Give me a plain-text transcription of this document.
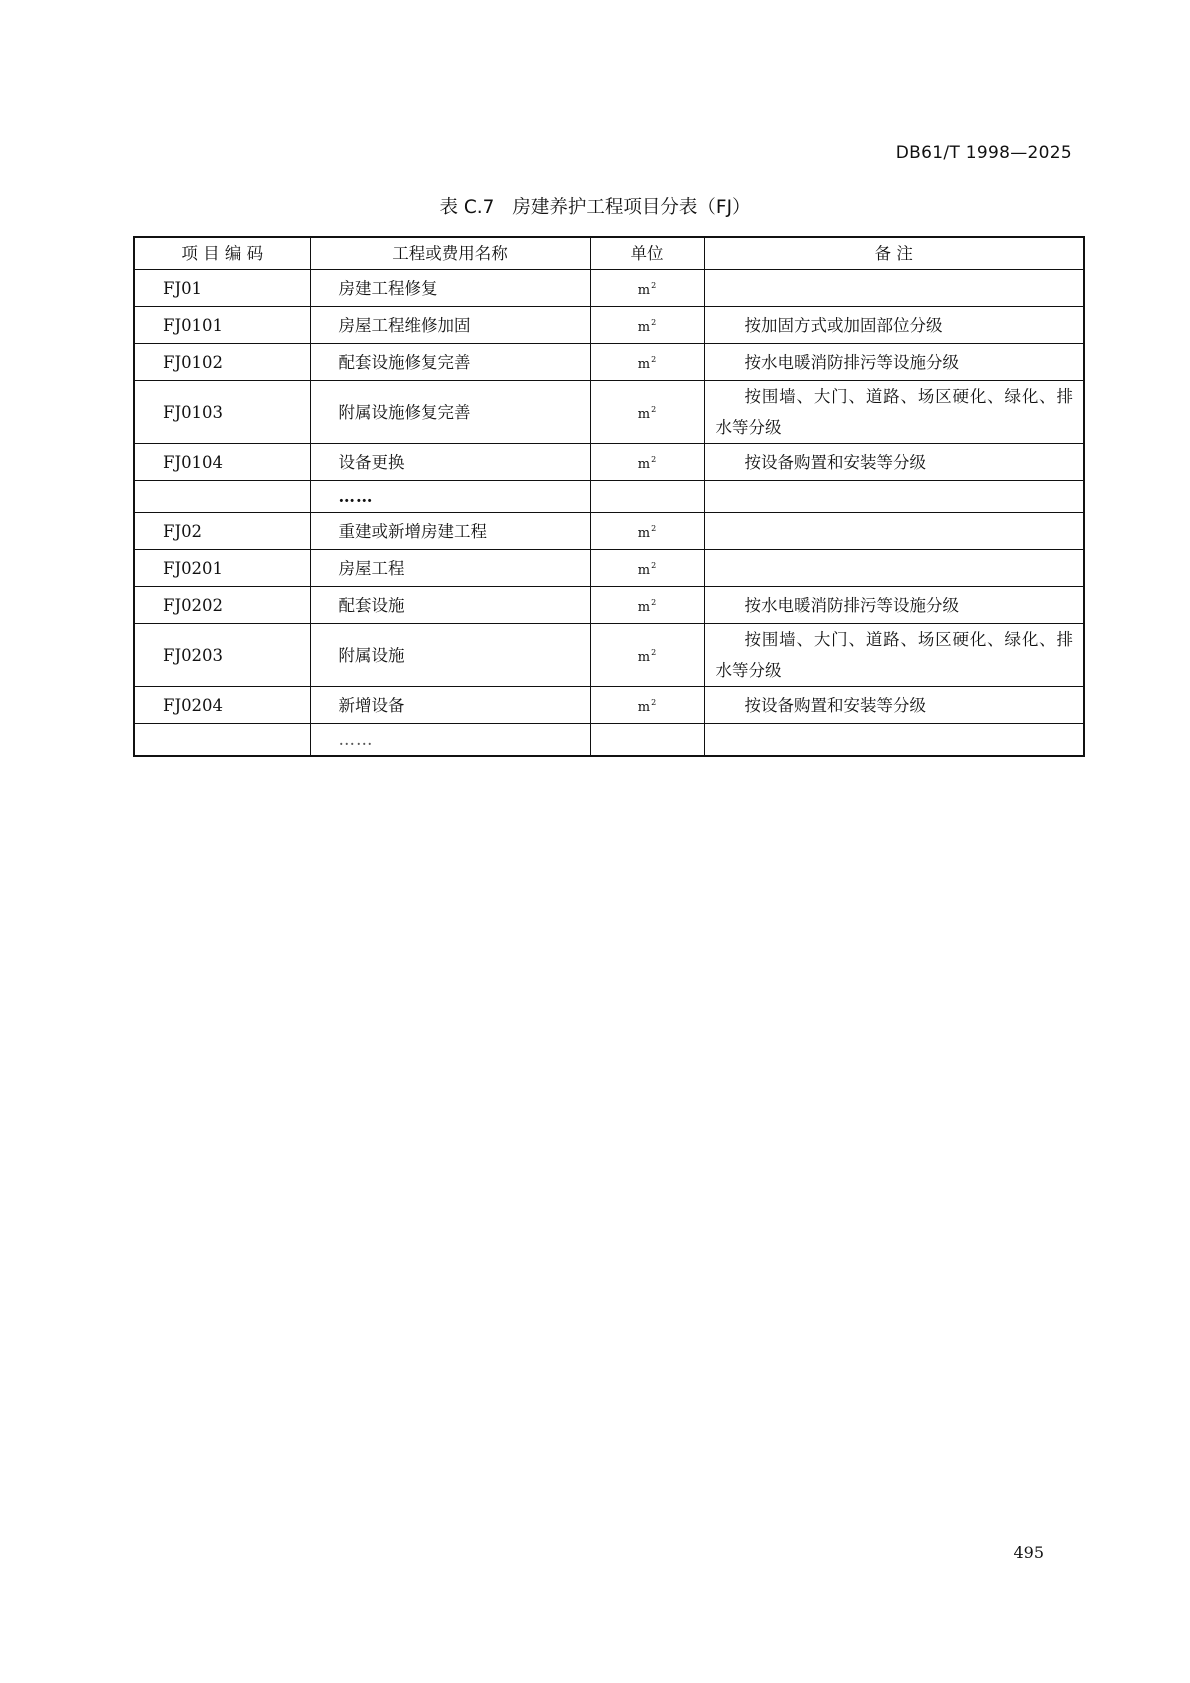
DB61/T 1998—2025
表 C.7 房建养护工程项目分表（FJ）
项 目 编 码	工程或费用名称	单位	备 注
FJ01	房建工程修复	$m^2$	

FJ0101	房屋工程维修加固	$m^2$	按加固方式或加固部位分级

FJ0102	配套设施修复完善	$m^2$	按水电暖消防排污等设施分级

FJ0103	附属设施修复完善	$m^2$	按围墙、大门、道路、场区硬化、绿化、排水等分级

FJ0104	设备更换	$m^2$	按设备购置和安装等分级

	……		
FJ02	重建或新增房建工程	$m^2$	

FJ0201	房屋工程	$m^2$	

FJ0202	配套设施	$m^2$	按水电暖消防排污等设施分级

FJ0203	附属设施	$m^2$	按围墙、大门、道路、场区硬化、绿化、排水等分级

FJ0204	新增设备	$m^2$	按设备购置和安装等分级

	……		
495
